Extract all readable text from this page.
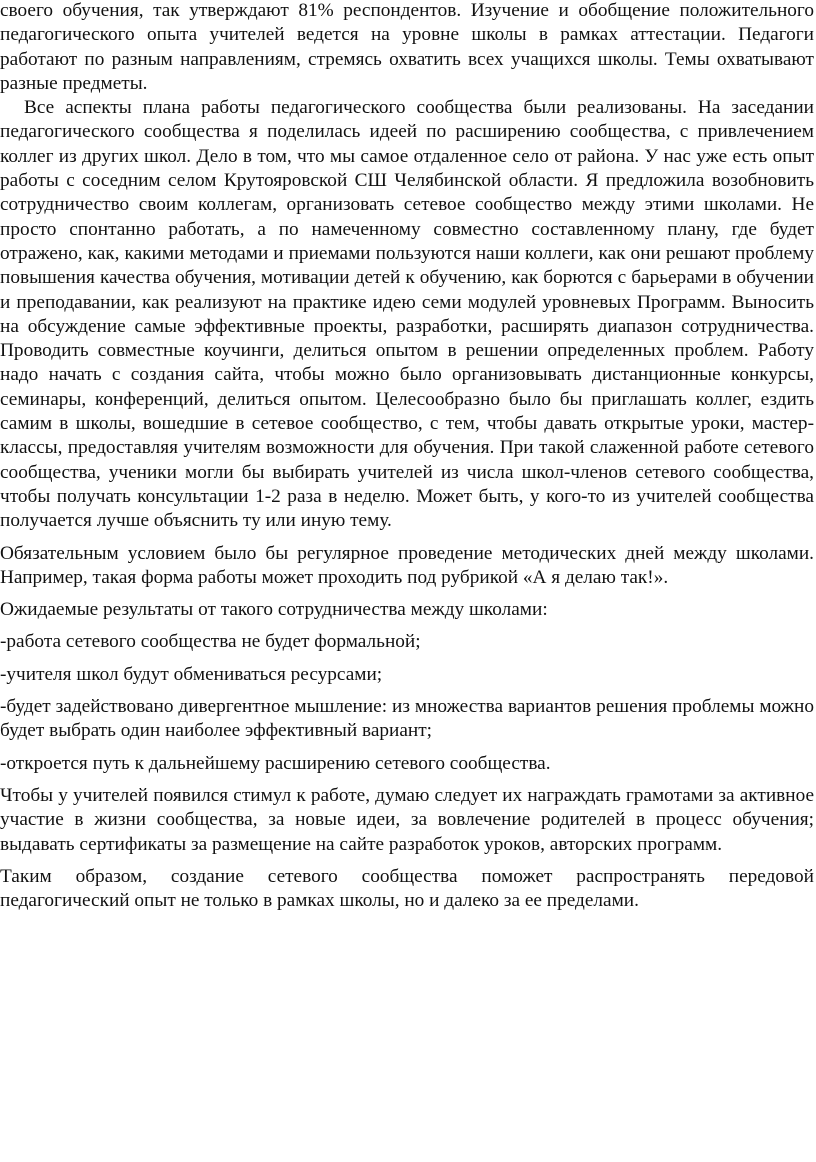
своего обучения, так утверждают 81% респондентов. Изучение и обобщение положительного педагогического опыта учителей ведется на уровне школы в рамках аттестации. Педагоги работают по разным направлениям, стремясь охватить всех учащихся школы. Темы охватывают разные предметы.

Все аспекты плана работы педагогического сообщества были реализованы. На заседании педагогического сообщества я поделилась идеей по расширению сообщества, с привлечением коллег из других школ. Дело в том, что мы самое отдаленное село от района. У нас уже есть опыт работы с соседним селом Крутояровской СШ Челябинской области. Я предложила возобновить сотрудничество своим коллегам, организовать сетевое сообщество между этими школами. Не просто спонтанно работать, а по намеченному совместно составленному плану, где будет отражено, как, какими методами и приемами пользуются наши коллеги, как они решают проблему повышения качества обучения, мотивации детей к обучению, как борются с барьерами в обучении и преподавании, как реализуют на практике идею семи модулей уровневых Программ. Выносить на обсуждение самые эффективные проекты, разработки, расширять диапазон сотрудничества. Проводить совместные коучинги, делиться опытом в решении определенных проблем. Работу надо начать с создания сайта, чтобы можно было организовывать дистанционные конкурсы, семинары, конференций, делиться опытом. Целесообразно было бы приглашать коллег, ездить самим в школы, вошедшие в сетевое сообщество, с тем, чтобы давать открытые уроки, мастер-классы, предоставляя учителям возможности для обучения. При такой слаженной работе сетевого сообщества, ученики могли бы выбирать учителей из числа школ-членов сетевого сообщества, чтобы получать консультации 1-2 раза в неделю. Может быть, у кого-то из учителей сообщества получается лучше объяснить ту или иную тему.

Обязательным условием было бы регулярное проведение методических дней между школами. Например, такая форма работы может проходить под рубрикой «А я делаю так!».

Ожидаемые результаты от такого сотрудничества между школами:

-работа сетевого сообщества не будет формальной;

-учителя школ будут обмениваться ресурсами;

-будет задействовано дивергентное мышление: из множества вариантов решения проблемы можно будет выбрать один наиболее эффективный вариант;

-откроется путь к дальнейшему расширению сетевого сообщества.

Чтобы у учителей появился стимул к работе, думаю следует их награждать грамотами за активное участие в жизни сообщества, за новые идеи, за вовлечение родителей в процесс обучения; выдавать сертификаты за размещение на сайте разработок уроков, авторских программ.

Таким образом, создание сетевого сообщества поможет распространять передовой педагогический опыт не только в рамках школы, но и далеко за ее пределами.
